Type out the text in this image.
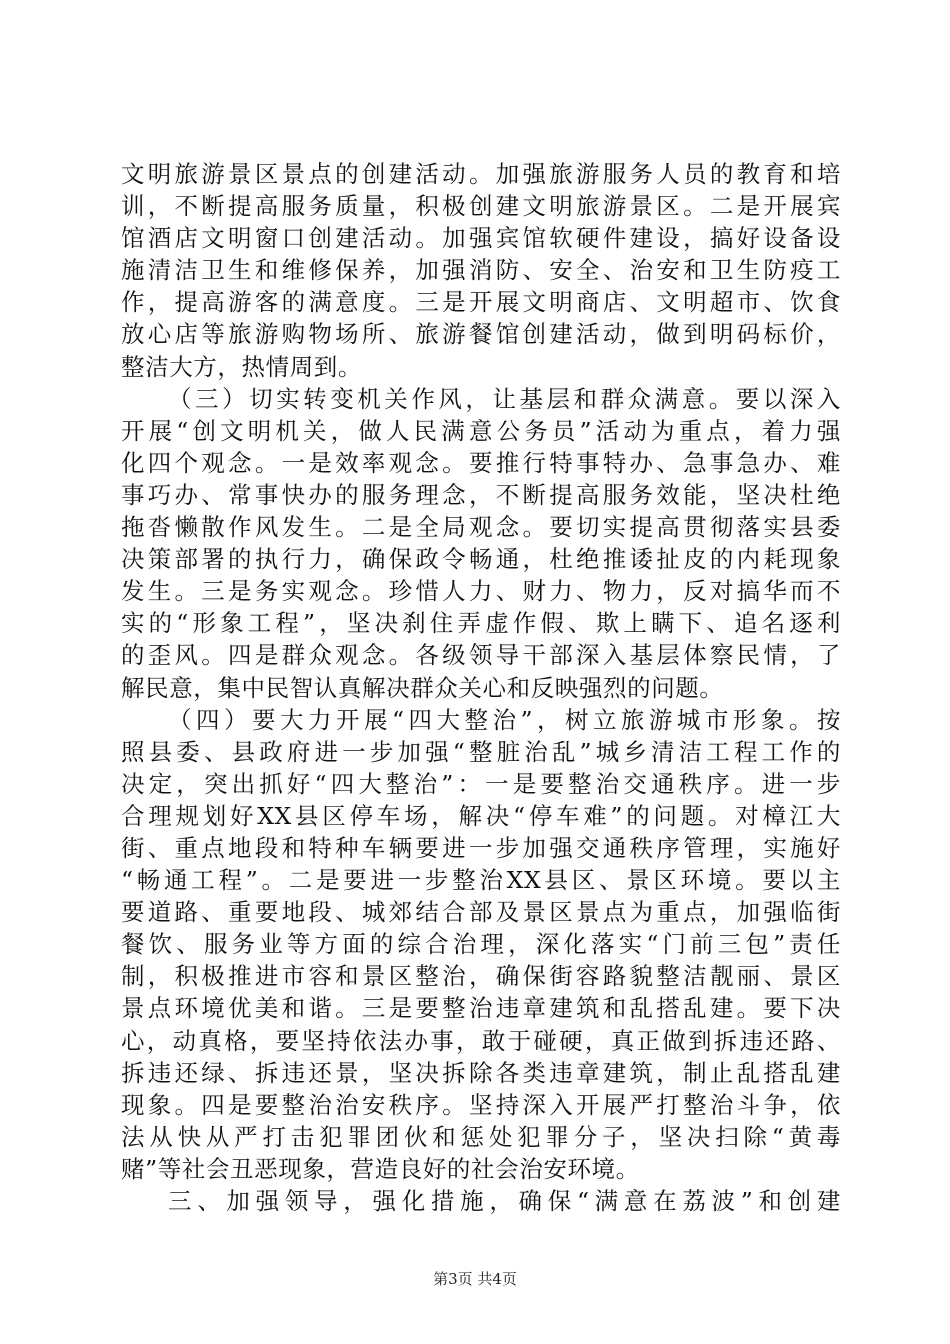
文明旅游景区景点的创建活动。加强旅游服务人员的教育和培
训，不断提高服务质量，积极创建文明旅游景区。二是开展宾
馆酒店文明窗口创建活动。加强宾馆软硬件建设，搞好设备设
施清洁卫生和维修保养，加强消防、安全、治安和卫生防疫工
作，提高游客的满意度。三是开展文明商店、文明超市、饮食
放心店等旅游购物场所、旅游餐馆创建活动，做到明码标价，
整洁大方，热情周到。
（三）切实转变机关作风，让基层和群众满意。要以深入
开展“创文明机关，做人民满意公务员”活动为重点，着力强
化四个观念。一是效率观念。要推行特事特办、急事急办、难
事巧办、常事快办的服务理念，不断提高服务效能，坚决杜绝
拖沓懒散作风发生。二是全局观念。要切实提高贯彻落实县委
决策部署的执行力，确保政令畅通，杜绝推诿扯皮的内耗现象
发生。三是务实观念。珍惜人力、财力、物力，反对搞华而不
实的“形象工程”，坚决刹住弄虚作假、欺上瞒下、追名逐利
的歪风。四是群众观念。各级领导干部深入基层体察民情，了
解民意，集中民智认真解决群众关心和反映强烈的问题。
（四）要大力开展“四大整治”，树立旅游城市形象。按
照县委、县政府进一步加强“整脏治乱”城乡清洁工程工作的
决定，突出抓好“四大整治”：一是要整治交通秩序。进一步
合理规划好XX县区停车场，解决“停车难”的问题。对樟江大
街、重点地段和特种车辆要进一步加强交通秩序管理，实施好
“畅通工程”。二是要进一步整治XX县区、景区环境。要以主
要道路、重要地段、城郊结合部及景区景点为重点，加强临街
餐饮、服务业等方面的综合治理，深化落实“门前三包”责任
制，积极推进市容和景区整治，确保街容路貌整洁靓丽、景区
景点环境优美和谐。三是要整治违章建筑和乱搭乱建。要下决
心，动真格，要坚持依法办事，敢于碰硬，真正做到拆违还路、
拆违还绿、拆违还景，坚决拆除各类违章建筑，制止乱搭乱建
现象。四是要整治治安秩序。坚持深入开展严打整治斗争，依
法从快从严打击犯罪团伙和惩处犯罪分子，坚决扫除“黄毒
赌”等社会丑恶现象，营造良好的社会治安环境。
三、加强领导，强化措施，确保“满意在荔波”和创建
第3页 共4页
